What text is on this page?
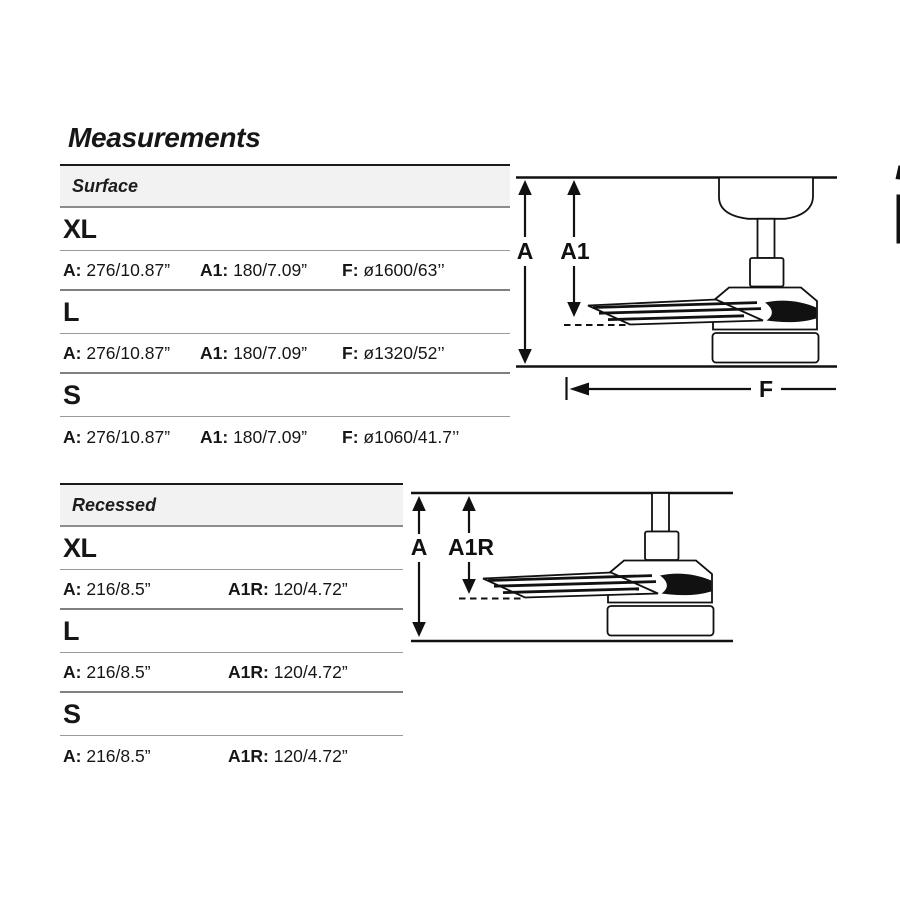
Measurements
Surface
XL
A: 276/10.87”	A1: 180/7.09”	F: ø1600/63’’
L
A: 276/10.87”	A1: 180/7.09”	F: ø1320/52’’
S
A: 276/10.87”	A1: 180/7.09”	F: ø1060/41.7’’
A A1
F
Recessed
XL
A: 216/8.5”	A1R: 120/4.72”
L
A: 216/8.5”	A1R: 120/4.72”
S
A: 216/8.5”	A1R: 120/4.72”
A A1R
